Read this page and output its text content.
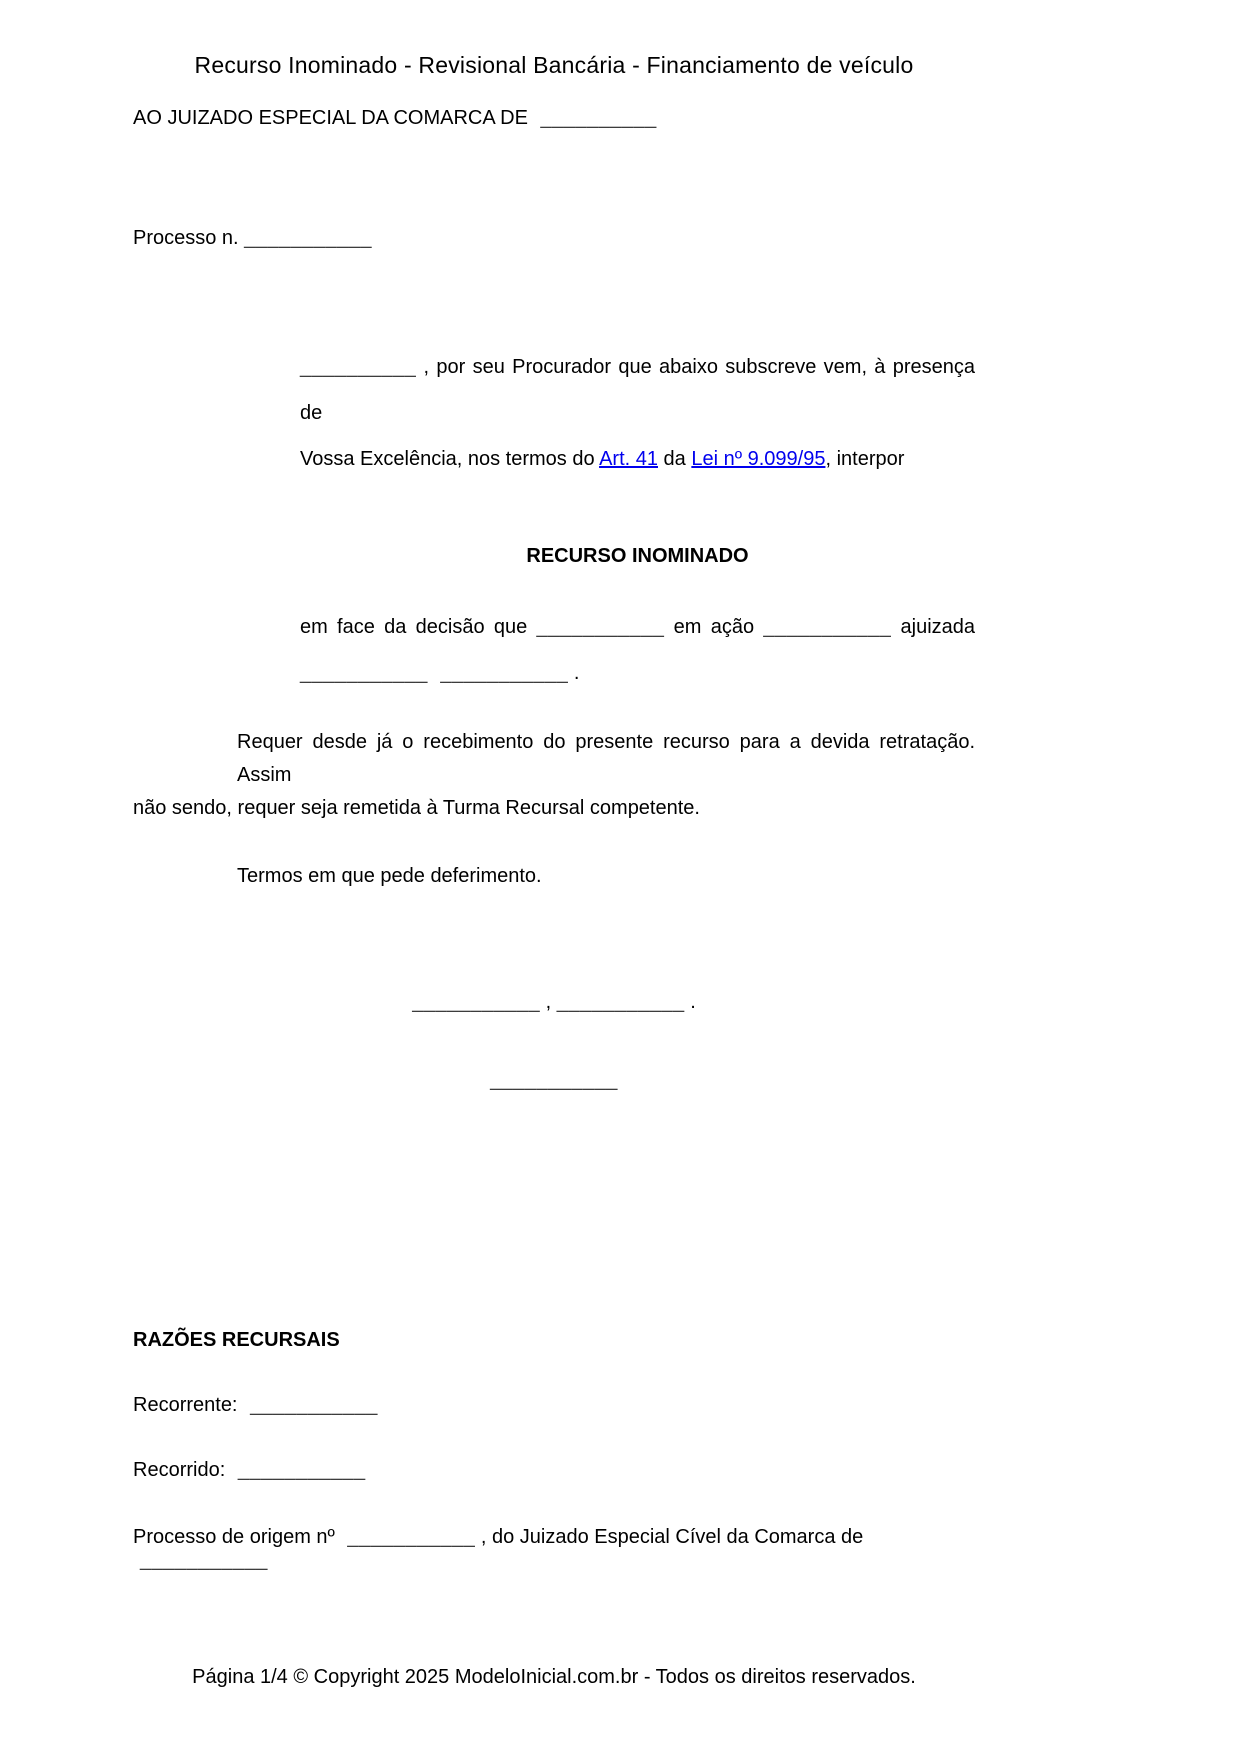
Recurso Inominado - Revisional Bancária - Financiamento de veículo
AO JUIZADO ESPECIAL DA COMARCA DE __________
Processo n. ___________
__________ , por seu Procurador que abaixo subscreve vem, à presença de
Vossa Excelência, nos termos do Art. 41 da Lei nº 9.099/95, interpor
RECURSO INOMINADO
em face da decisão que ___________ em ação ___________ ajuizada
___________ ___________ .
Requer desde já o recebimento do presente recurso para a devida retratação. Assim
não sendo, requer seja remetida à Turma Recursal competente.
Termos em que pede deferimento.
___________ , ___________ .
___________
RAZÕES RECURSAIS
Recorrente: ___________
Recorrido: ___________
Processo de origem nº ___________ , do Juizado Especial Cível da Comarca de ___________
Página 1/4 © Copyright 2025 ModeloInicial.com.br - Todos os direitos reservados.
